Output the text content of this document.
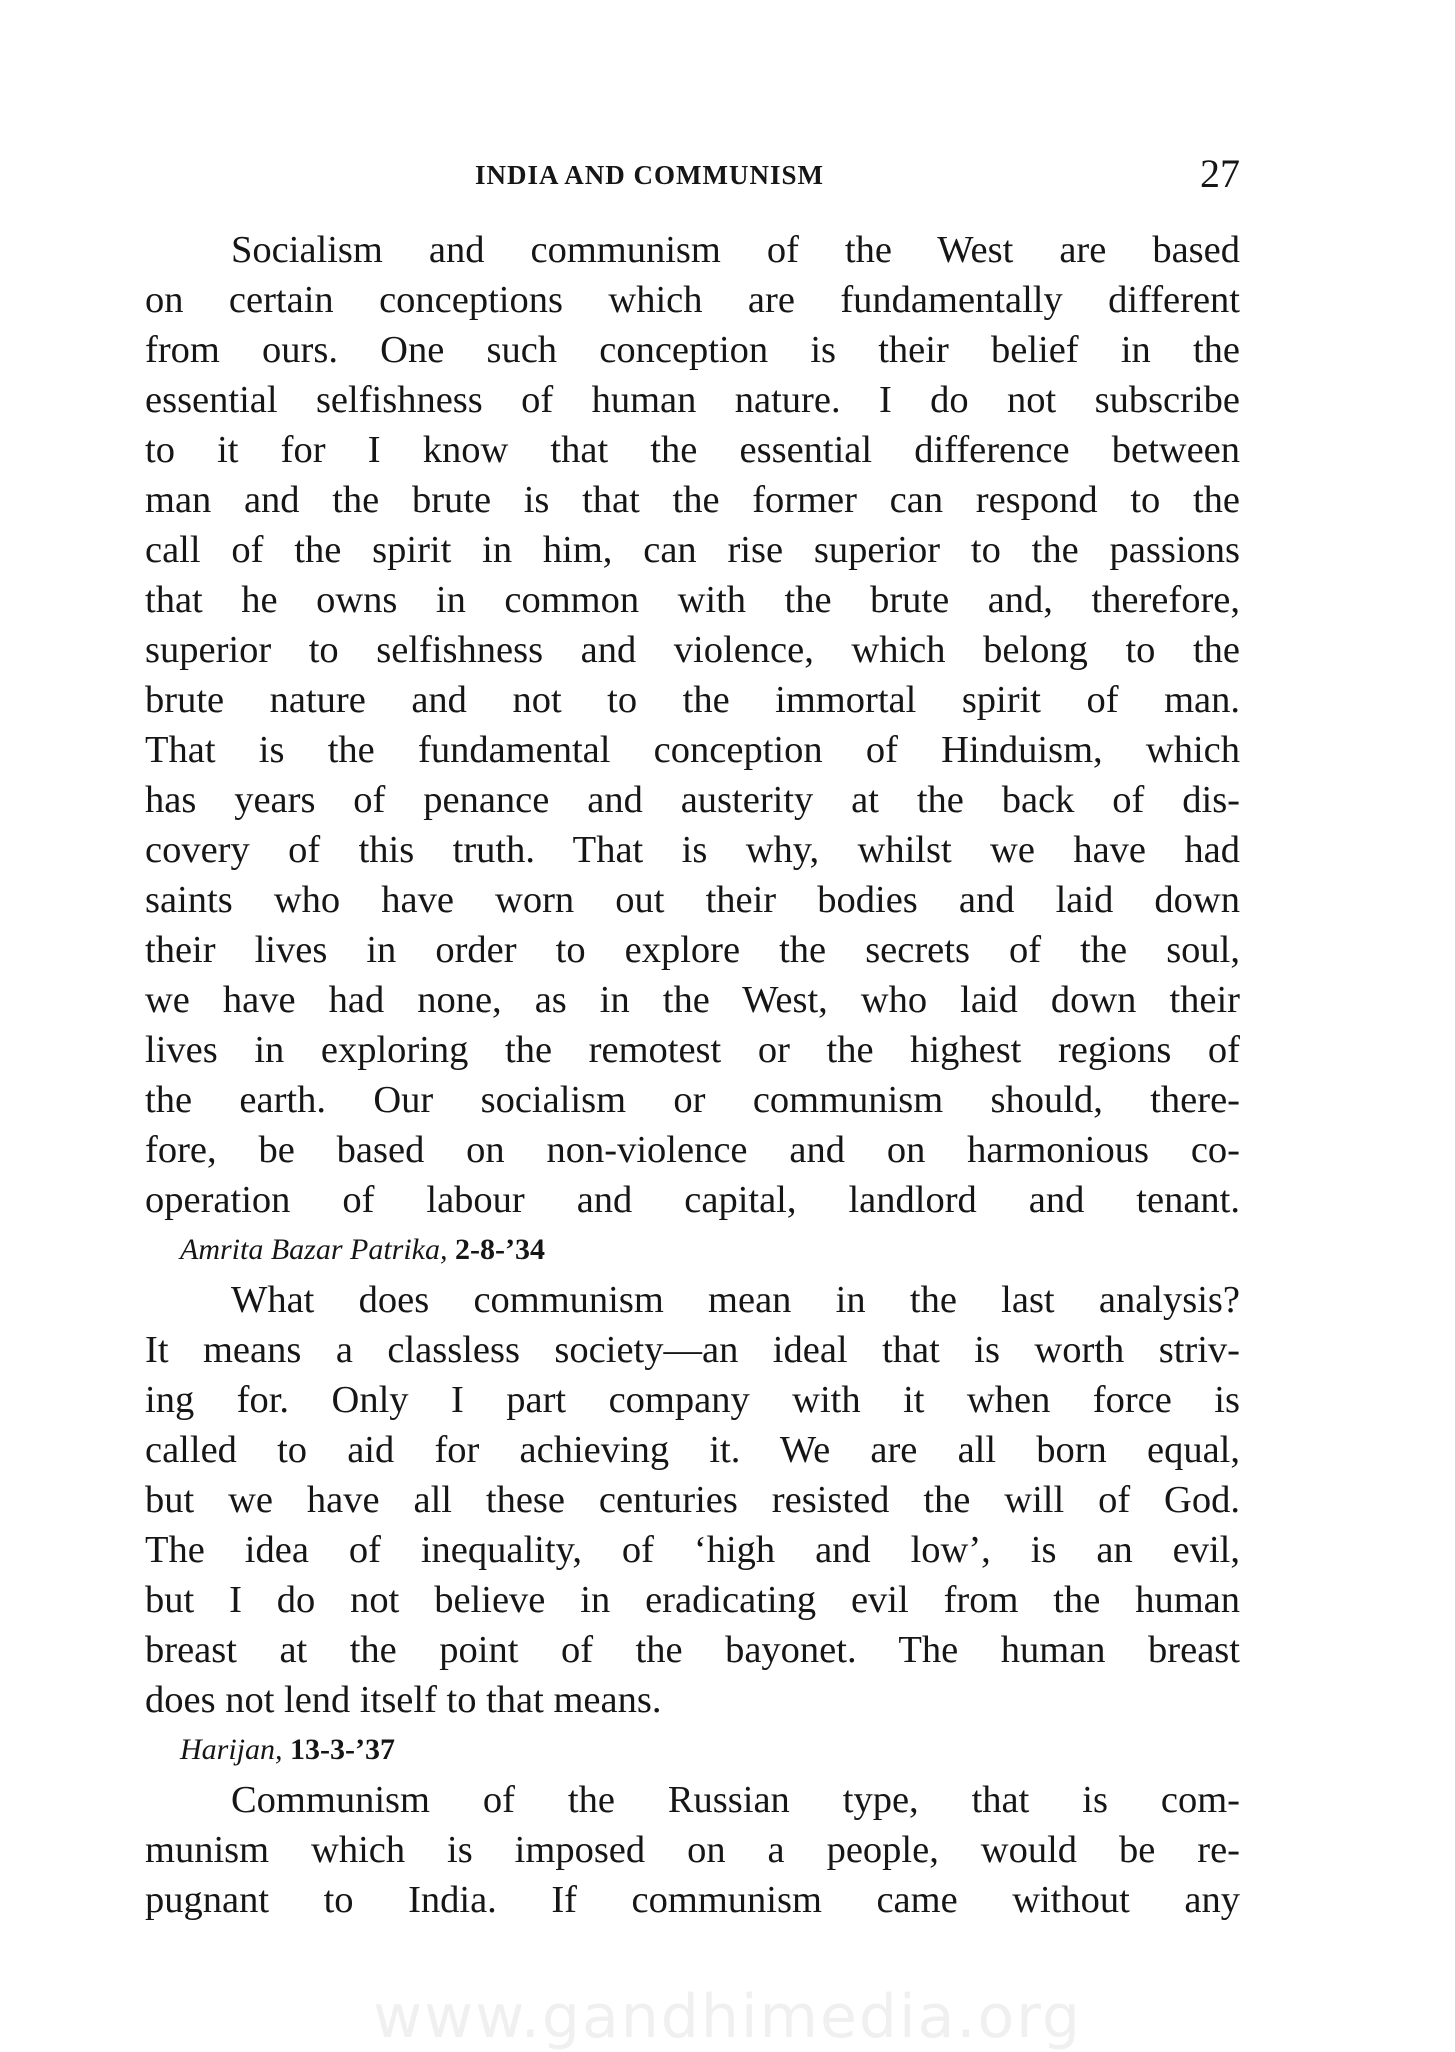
INDIA AND COMMUNISM	27
Socialism and communism of the West are based
on certain conceptions which are fundamentally different
from ours. One such conception is their belief in the
essential selfishness of human nature. I do not subscribe
to it for I know that the essential difference between
man and the brute is that the former can respond to the
call of the spirit in him, can rise superior to the passions
that he owns in common with the brute and, therefore,
superior to selfishness and violence, which belong to the
brute nature and not to the immortal spirit of man.
That is the fundamental conception of Hinduism, which
has years of penance and austerity at the back of dis-
covery of this truth. That is why, whilst we have had
saints who have worn out their bodies and laid down
their lives in order to explore the secrets of the soul,
we have had none, as in the West, who laid down their
lives in exploring the remotest or the highest regions of
the earth. Our socialism or communism should, there-
fore, be based on non-violence and on harmonious co-
operation of labour and capital, landlord and tenant.
Amrita Bazar Patrika, 2-8-’34
What does communism mean in the last analysis?
It means a classless society—an ideal that is worth striv-
ing for. Only I part company with it when force is
called to aid for achieving it. We are all born equal,
but we have all these centuries resisted the will of God.
The idea of inequality, of ‘high and low’, is an evil,
but I do not believe in eradicating evil from the human
breast at the point of the bayonet. The human breast
does not lend itself to that means.
Harijan, 13-3-’37
Communism of the Russian type, that is com-
munism which is imposed on a people, would be re-
pugnant to India. If communism came without any
www.gandhimedia.org
